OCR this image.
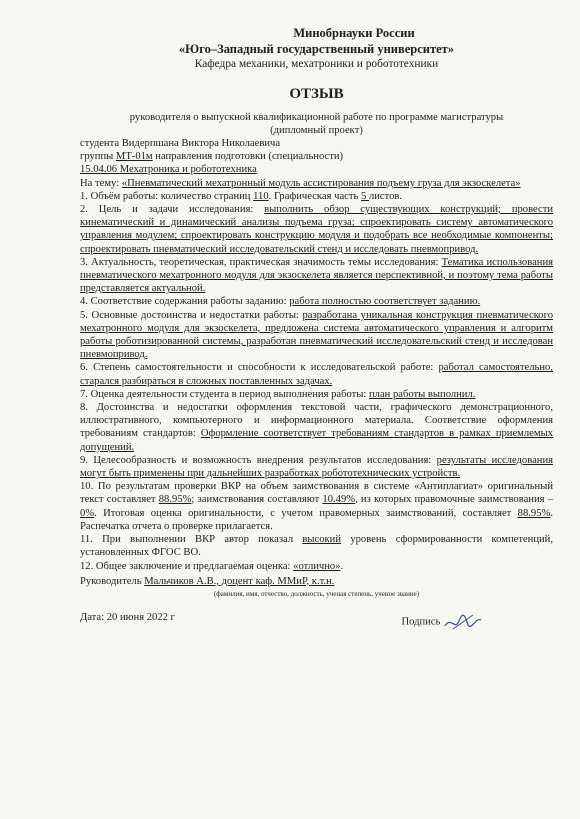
Минобрнауки России
«Юго–Западный государственный университет»
Кафедра механики, мехатроники и робототехники
ОТЗЫВ
руководителя о выпускной квалификационной работе по программе магистратуры
(дипломный проект)
студента Видерпшана Виктора Николаевича
группы МТ-01м направления подготовки (специальности)
15.04.06 Мехатроника и робототехника

На тему: «Пневматический мехатронный модуль ассистирования подъему груза для экзоскелета»

1. Объём работы: количество страниц 110. Графическая часть 5 листов.

2. Цель и задачи исследования: выполнить обзор существующих конструкций; провести кинематический и динамический анализы подъема груза; спроектировать систему автоматического управления модулем; спроектировать конструкцию модуля и подобрать все необходимые компоненты; спроектировать пневматический исследовательский стенд и исследовать пневмопривод.

3. Актуальность, теоретическая, практическая значимость темы исследования: Тематика использования пневматического мехатронного модуля для экзоскелета является перспективной, и поэтому тема работы представляется актуальной.

4. Соответствие содержания работы заданию: работа полностью соответствует заданию.

5. Основные достоинства и недостатки работы: разработана уникальная конструкция пневматического мехатронного модуля для экзоскелета, предложена система автоматического управления и алгоритм работы роботизированной системы, разработан пневматический исследовательский стенд и исследован пневмопривод.

6. Степень самостоятельности и способности к исследовательской работе: работал самостоятельно, старался разбираться в сложных поставленных задачах.

7. Оценка деятельности студента в период выполнения работы: план работы выполнил.

8. Достоинства и недостатки оформления текстовой части, графического демонстрационного, иллюстративного, компьютерного и информационного материала. Соответствие оформления требованиям стандартов: Оформление соответствует требованиям стандартов в рамках приемлемых допущений.

9. Целесообразность и возможность внедрения результатов исследования: результаты исследования могут быть применены при дальнейших разработках робототехнических устройств.

10. По результатам проверки ВКР на объем заимствования в системе «Антиплагиат» оригинальный текст составляет 88.95%; заимствования составляют 10.49%, из которых правомочные заимствования – 0%. Итоговая оценка оригинальности, с учетом правомерных заимствований, составляет 88.95%. Распечатка отчета о проверке прилагается.

11. При выполнении ВКР автор показал высокий уровень сформированности компетенций, установленных ФГОС ВО.

12. Общее заключение и предлагаемая оценка: «отлично».

Руководитель Мальчиков А.В., доцент каф. ММиР, к.т.н.
(фамилия, имя, отчество, должность, ученая степень, ученое звание)
Дата: 20 июня 2022 г	Подпись
